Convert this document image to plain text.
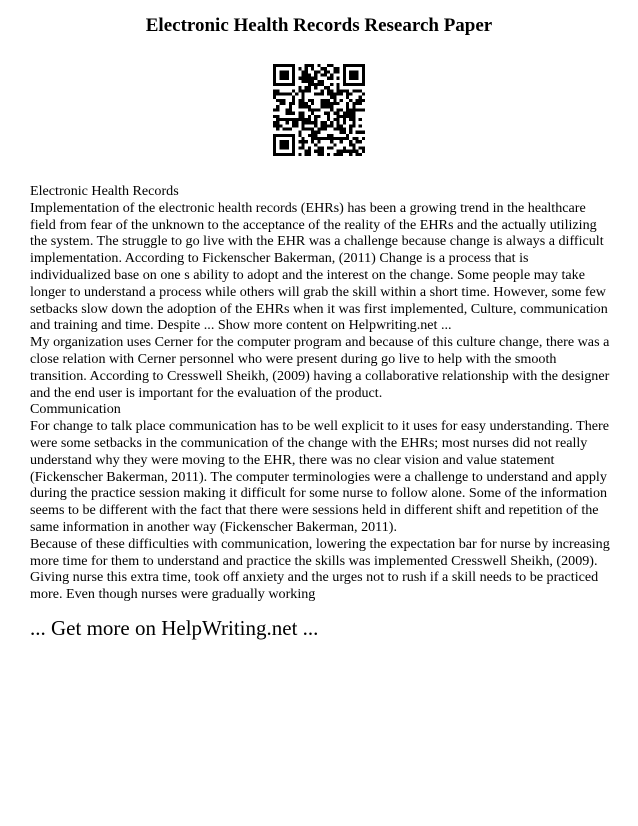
Electronic Health Records Research Paper

Electronic Health Records

Implementation of the electronic health records (EHRs) has been a growing trend in the healthcare field from fear of the unknown to the acceptance of the reality of the EHRs and the actually utilizing the system. The struggle to go live with the EHR was a challenge because change is always a difficult implementation. According to Fickenscher Bakerman, (2011) Change is a process that is individualized base on one s ability to adopt and the interest on the change. Some people may take longer to understand a process while others will grab the skill within a short time. However, some few setbacks slow down the adoption of the EHRs when it was first implemented, Culture, communication and training and time. Despite ... Show more content on Helpwriting.net ...

My organization uses Cerner for the computer program and because of this culture change, there was a close relation with Cerner personnel who were present during go live to help with the smooth transition. According to Cresswell Sheikh, (2009) having a collaborative relationship with the designer and the end user is important for the evaluation of the product.

Communication

For change to talk place communication has to be well explicit to it uses for easy understanding. There were some setbacks in the communication of the change with the EHRs; most nurses did not really understand why they were moving to the EHR, there was no clear vision and value statement (Fickenscher Bakerman, 2011). The computer terminologies were a challenge to understand and apply during the practice session making it difficult for some nurse to follow alone. Some of the information seems to be different with the fact that there were sessions held in different shift and repetition of the same information in another way (Fickenscher Bakerman, 2011).

Because of these difficulties with communication, lowering the expectation bar for nurse by increasing more time for them to understand and practice the skills was implemented Cresswell Sheikh, (2009). Giving nurse this extra time, took off anxiety and the urges not to rush if a skill needs to be practiced more. Even though nurses were gradually working

... Get more on HelpWriting.net ...
